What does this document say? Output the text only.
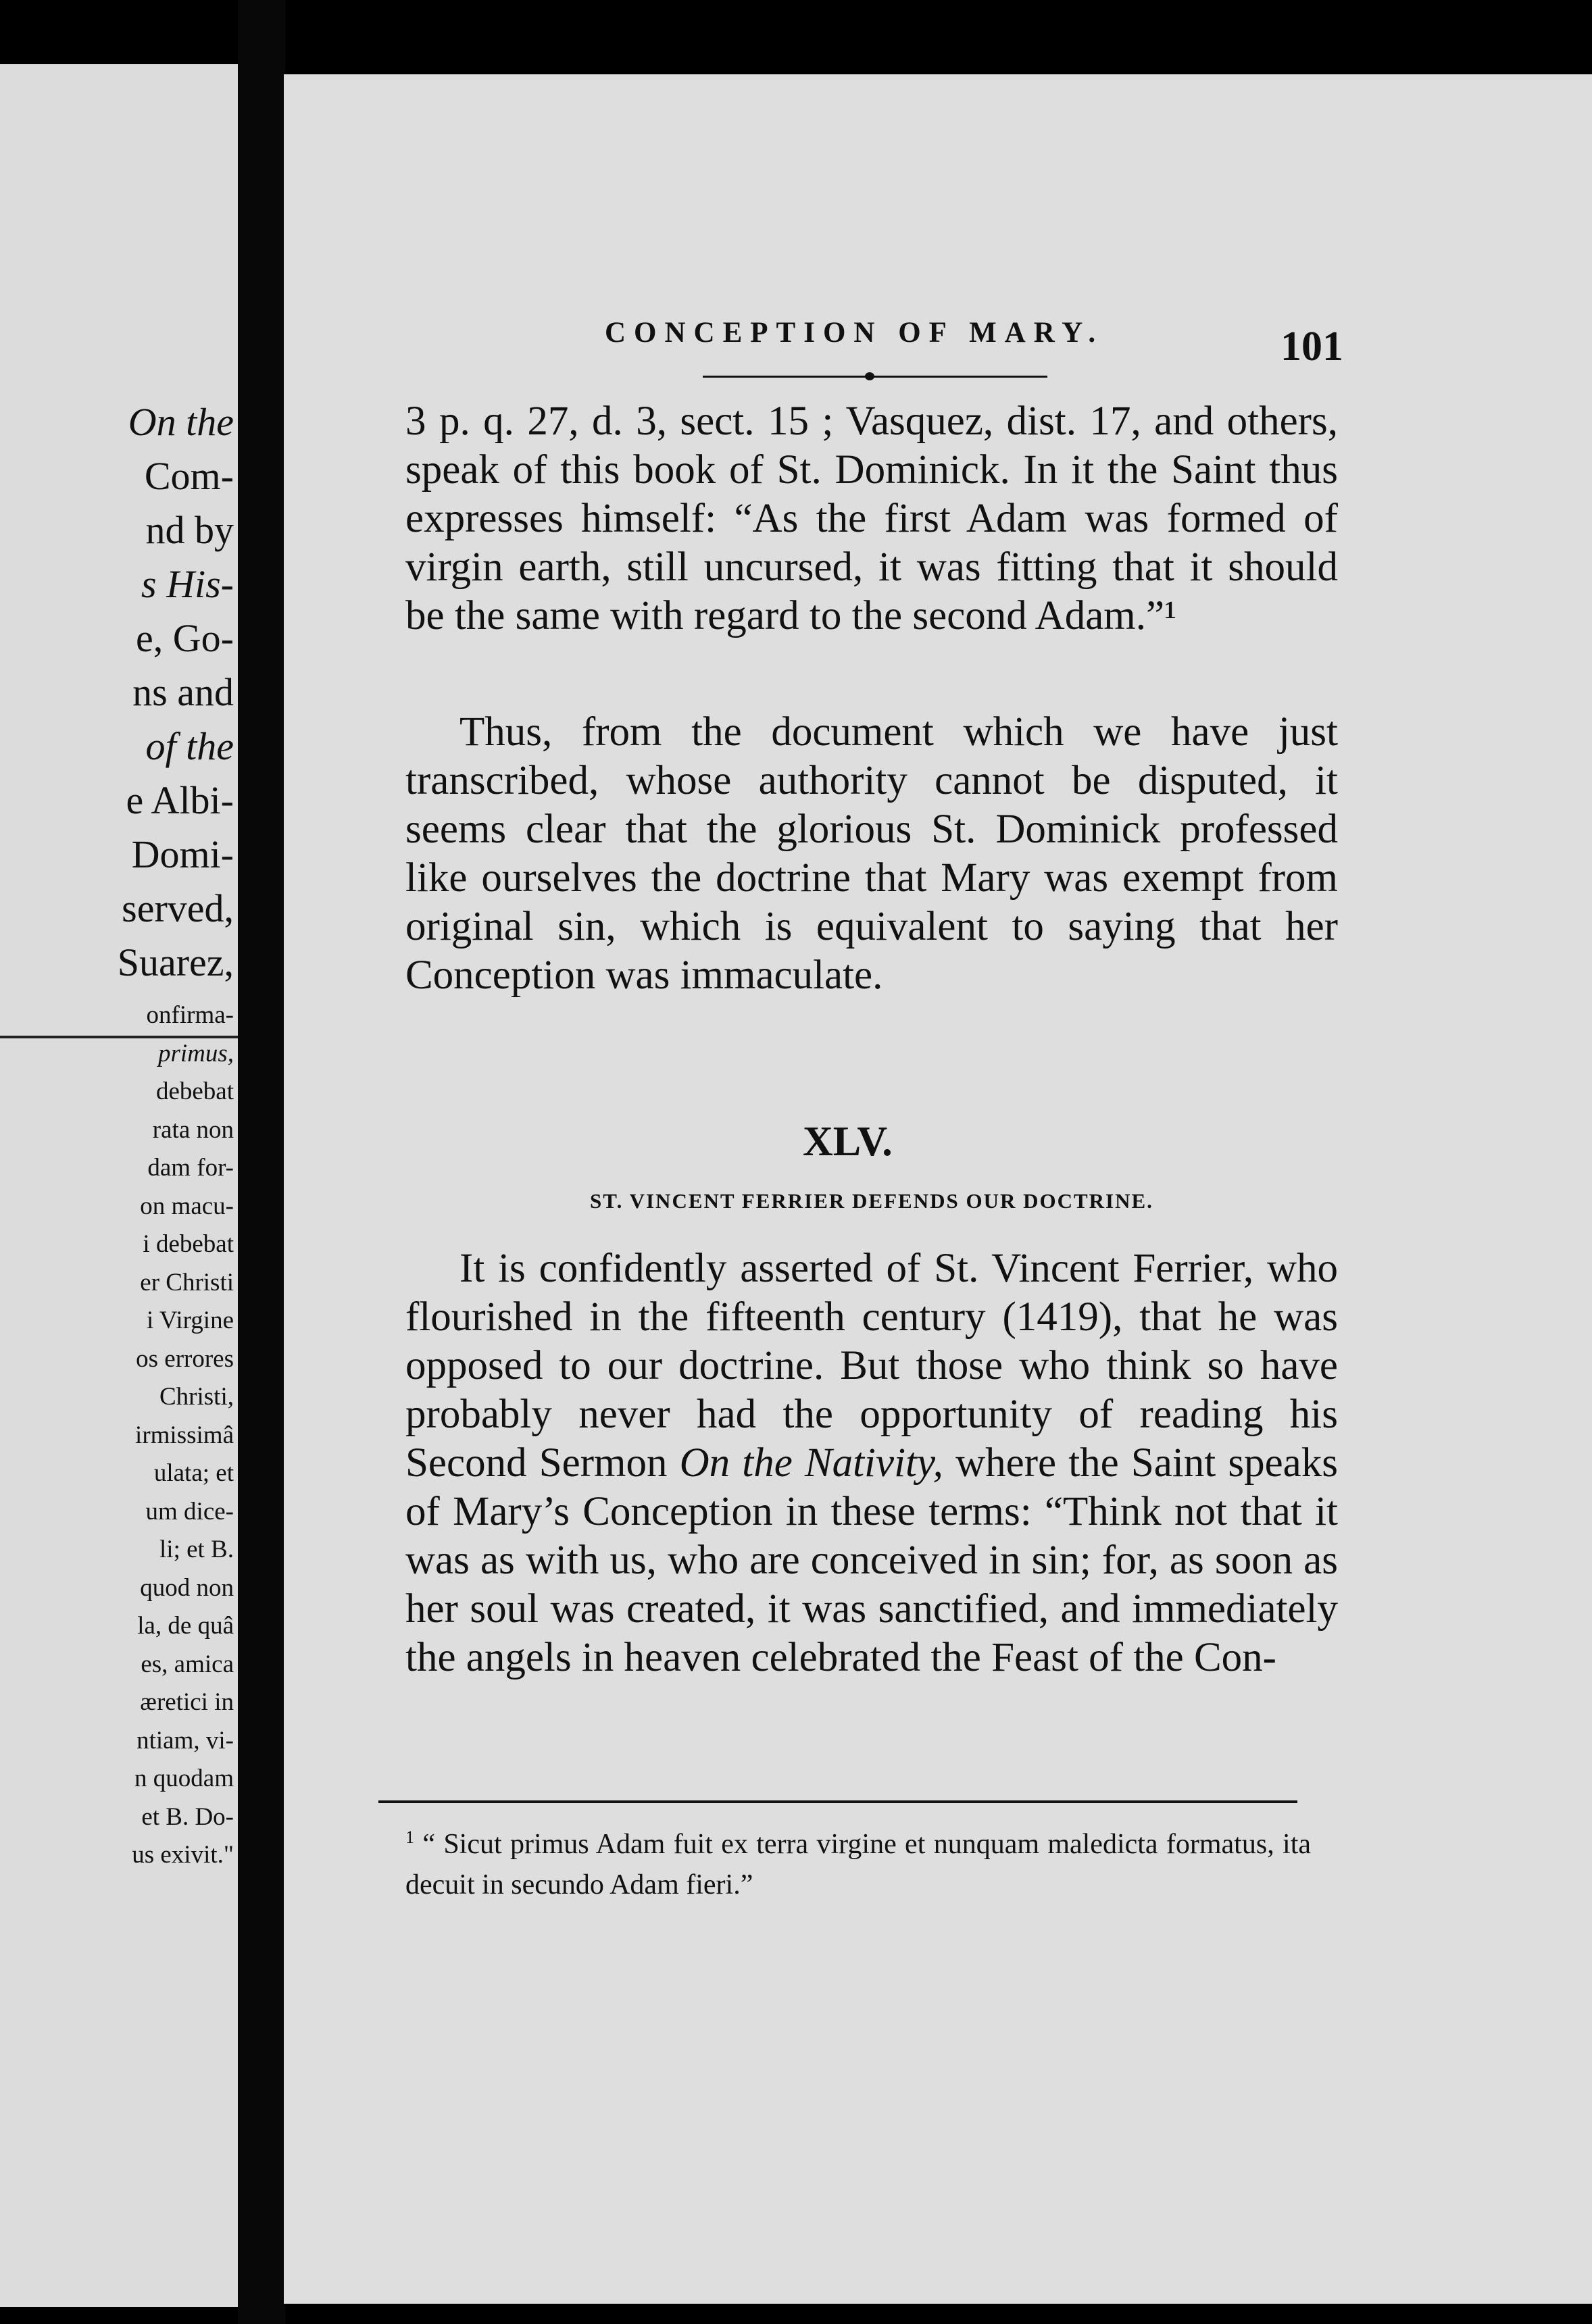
On the
Com-
nd by
s His-
e, Go-
ns and
of the
e Albi-
Domi-
served,
Suarez,
onfirma-
primus,
debebat
rata non
dam for-
on macu-
i debebat
er Christi
i Virgine
os errores
Christi,
irmissimâ
ulata; et
um dice-
li; et B.
quod non
la, de quâ
es, amica
æretici in
ntiam, vi-
n quodam
et B. Do-
us exivit."
CONCEPTION OF MARY.	101

3 p. q. 27, d. 3, sect. 15 ; Vasquez, dist. 17, and others, speak of this book of St. Dominick. In it the Saint thus expresses himself: “As the first Adam was formed of virgin earth, still uncursed, it was fitting that it should be the same with regard to the second Adam.”¹

Thus, from the document which we have just transcribed, whose authority cannot be disputed, it seems clear that the glorious St. Dominick professed like ourselves the doctrine that Mary was exempt from original sin, which is equivalent to saying that her Conception was immaculate.

XLV.
ST. VINCENT FERRIER DEFENDS OUR DOCTRINE.

It is confidently asserted of St. Vincent Ferrier, who flourished in the fifteenth century (1419), that he was opposed to our doctrine. But those who think so have probably never had the opportunity of reading his Second Sermon On the Nativity, where the Saint speaks of Mary’s Conception in these terms: “Think not that it was as with us, who are conceived in sin; for, as soon as her soul was created, it was sanctified, and immediately the angels in heaven celebrated the Feast of the Con-

$^1$ “ Sicut primus Adam fuit ex terra virgine et nunquam maledicta formatus, ita decuit in secundo Adam fieri.”
